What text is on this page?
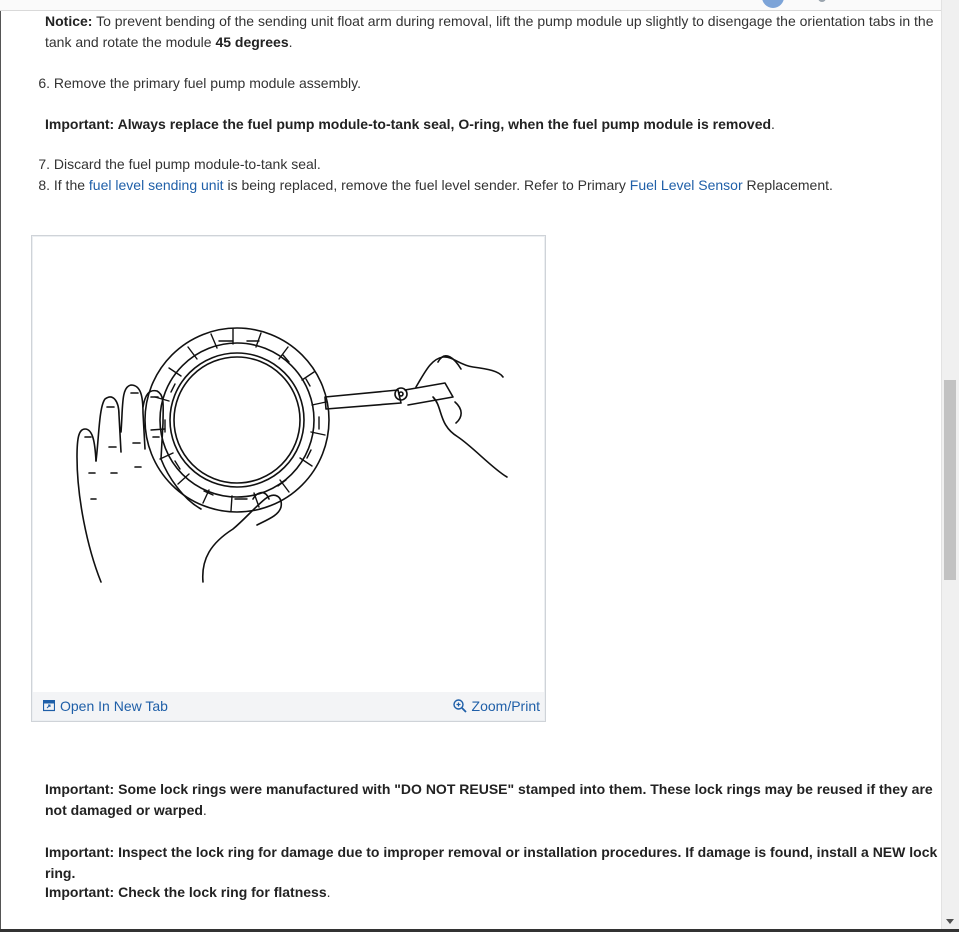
Notice: To prevent bending of the sending unit float arm during removal, lift the pump module up slightly to disengage the orientation tabs in the tank and rotate the module 45 degrees.

6. Remove the primary fuel pump module assembly.

Important: Always replace the fuel pump module-to-tank seal, O-ring, when the fuel pump module is removed.

7. Discard the fuel pump module-to-tank seal.

8. If the fuel level sending unit is being replaced, remove the fuel level sender. Refer to Primary Fuel Level Sensor Replacement.

Important: Some lock rings were manufactured with "DO NOT REUSE" stamped into them. These lock rings may be reused if they are not damaged or warped.

Important: Inspect the lock ring for damage due to improper removal or installation procedures. If damage is found, install a NEW lock ring.

Important: Check the lock ring for flatness.

Open In New Tab	Zoom/Print
